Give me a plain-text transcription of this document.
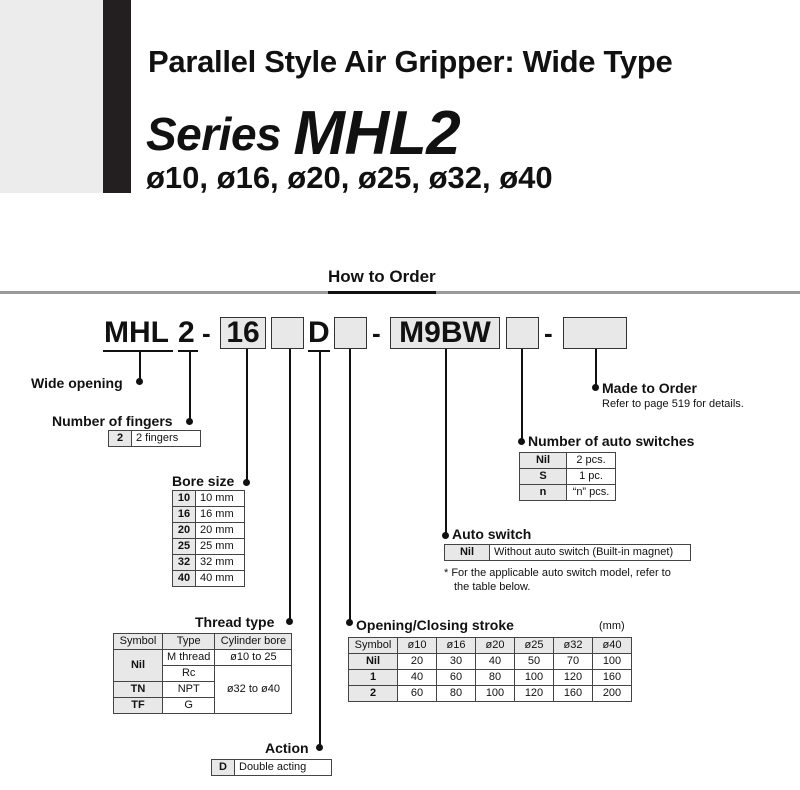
Parallel Style Air Gripper: Wide Type
Series MHL2
ø10, ø16, ø20, ø25, ø32, ø40
How to Order
MHL 2 - 16 D - M9BW	-
Wide opening
Number of fingers
2	2 fingers
Bore size
10	10 mm
16	16 mm
20	20 mm
25	25 mm
32	32 mm
40	40 mm
Thread type
Symbol	Type	Cylinder bore
Nil	M thread	ø10 to 25
	Rc	ø32 to ø40
TN	NPT	
TF	G	
Action
D	Double acting
Opening/Closing stroke	(mm)
Symbol	ø10	ø16	ø20	ø25	ø32	ø40
Nil	20	30	40	50	70	100
1	40	60	80	100	120	160
2	60	80	100	120	160	200
Auto switch
Nil	Without auto switch (Built-in magnet)
* For the applicable auto switch model, refer to
the table below.
Number of auto switches
Nil	2 pcs.
S	1 pc.
n	“n” pcs.
Made to Order
Refer to page 519 for details.
